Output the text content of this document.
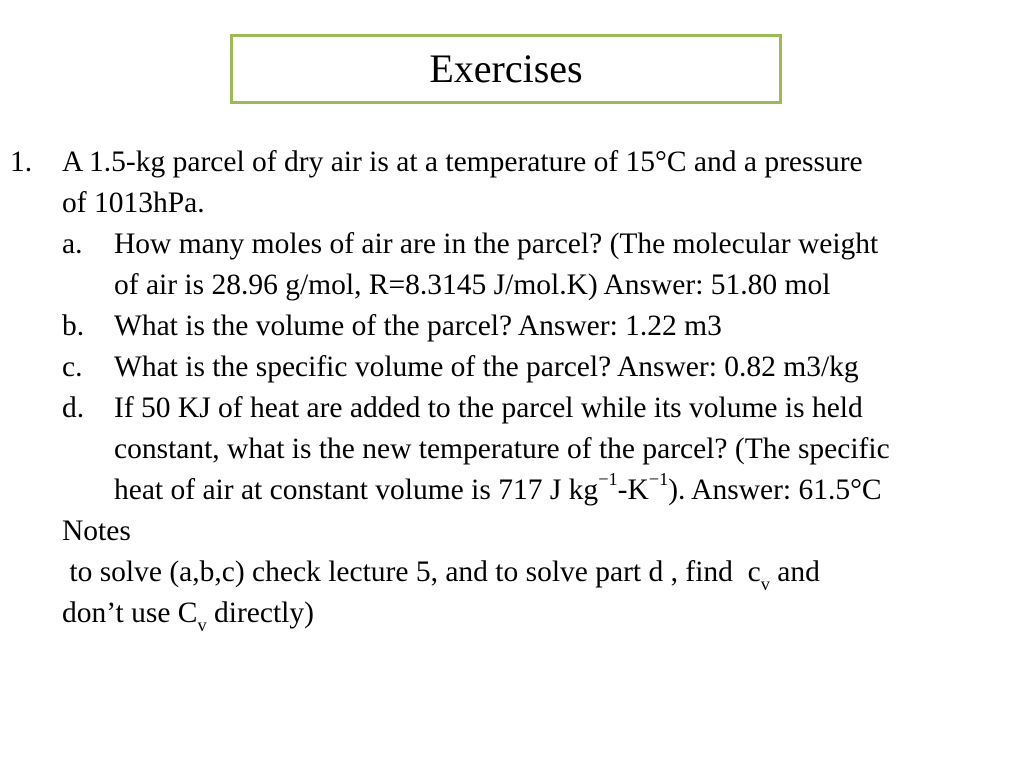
Exercises
1. A 1.5-kg parcel of dry air is at a temperature of 15°C and a pressure
of 1013hPa.
a. How many moles of air are in the parcel? (The molecular weight
of air is 28.96 g/mol, R=8.3145 J/mol.K) Answer: 51.80 mol
b. What is the volume of the parcel? Answer: 1.22 m3
c. What is the specific volume of the parcel? Answer: 0.82 m3/kg
d. If 50 KJ of heat are added to the parcel while its volume is held
constant, what is the new temperature of the parcel? (The specific
heat of air at constant volume is 717 J $kg^{-1}-K^{-1}$). Answer: 61.5°C
Notes
to solve (a,b,c) check lecture 5, and to solve part d , find  $c_v$ and
don’t use $C_v$ directly)
